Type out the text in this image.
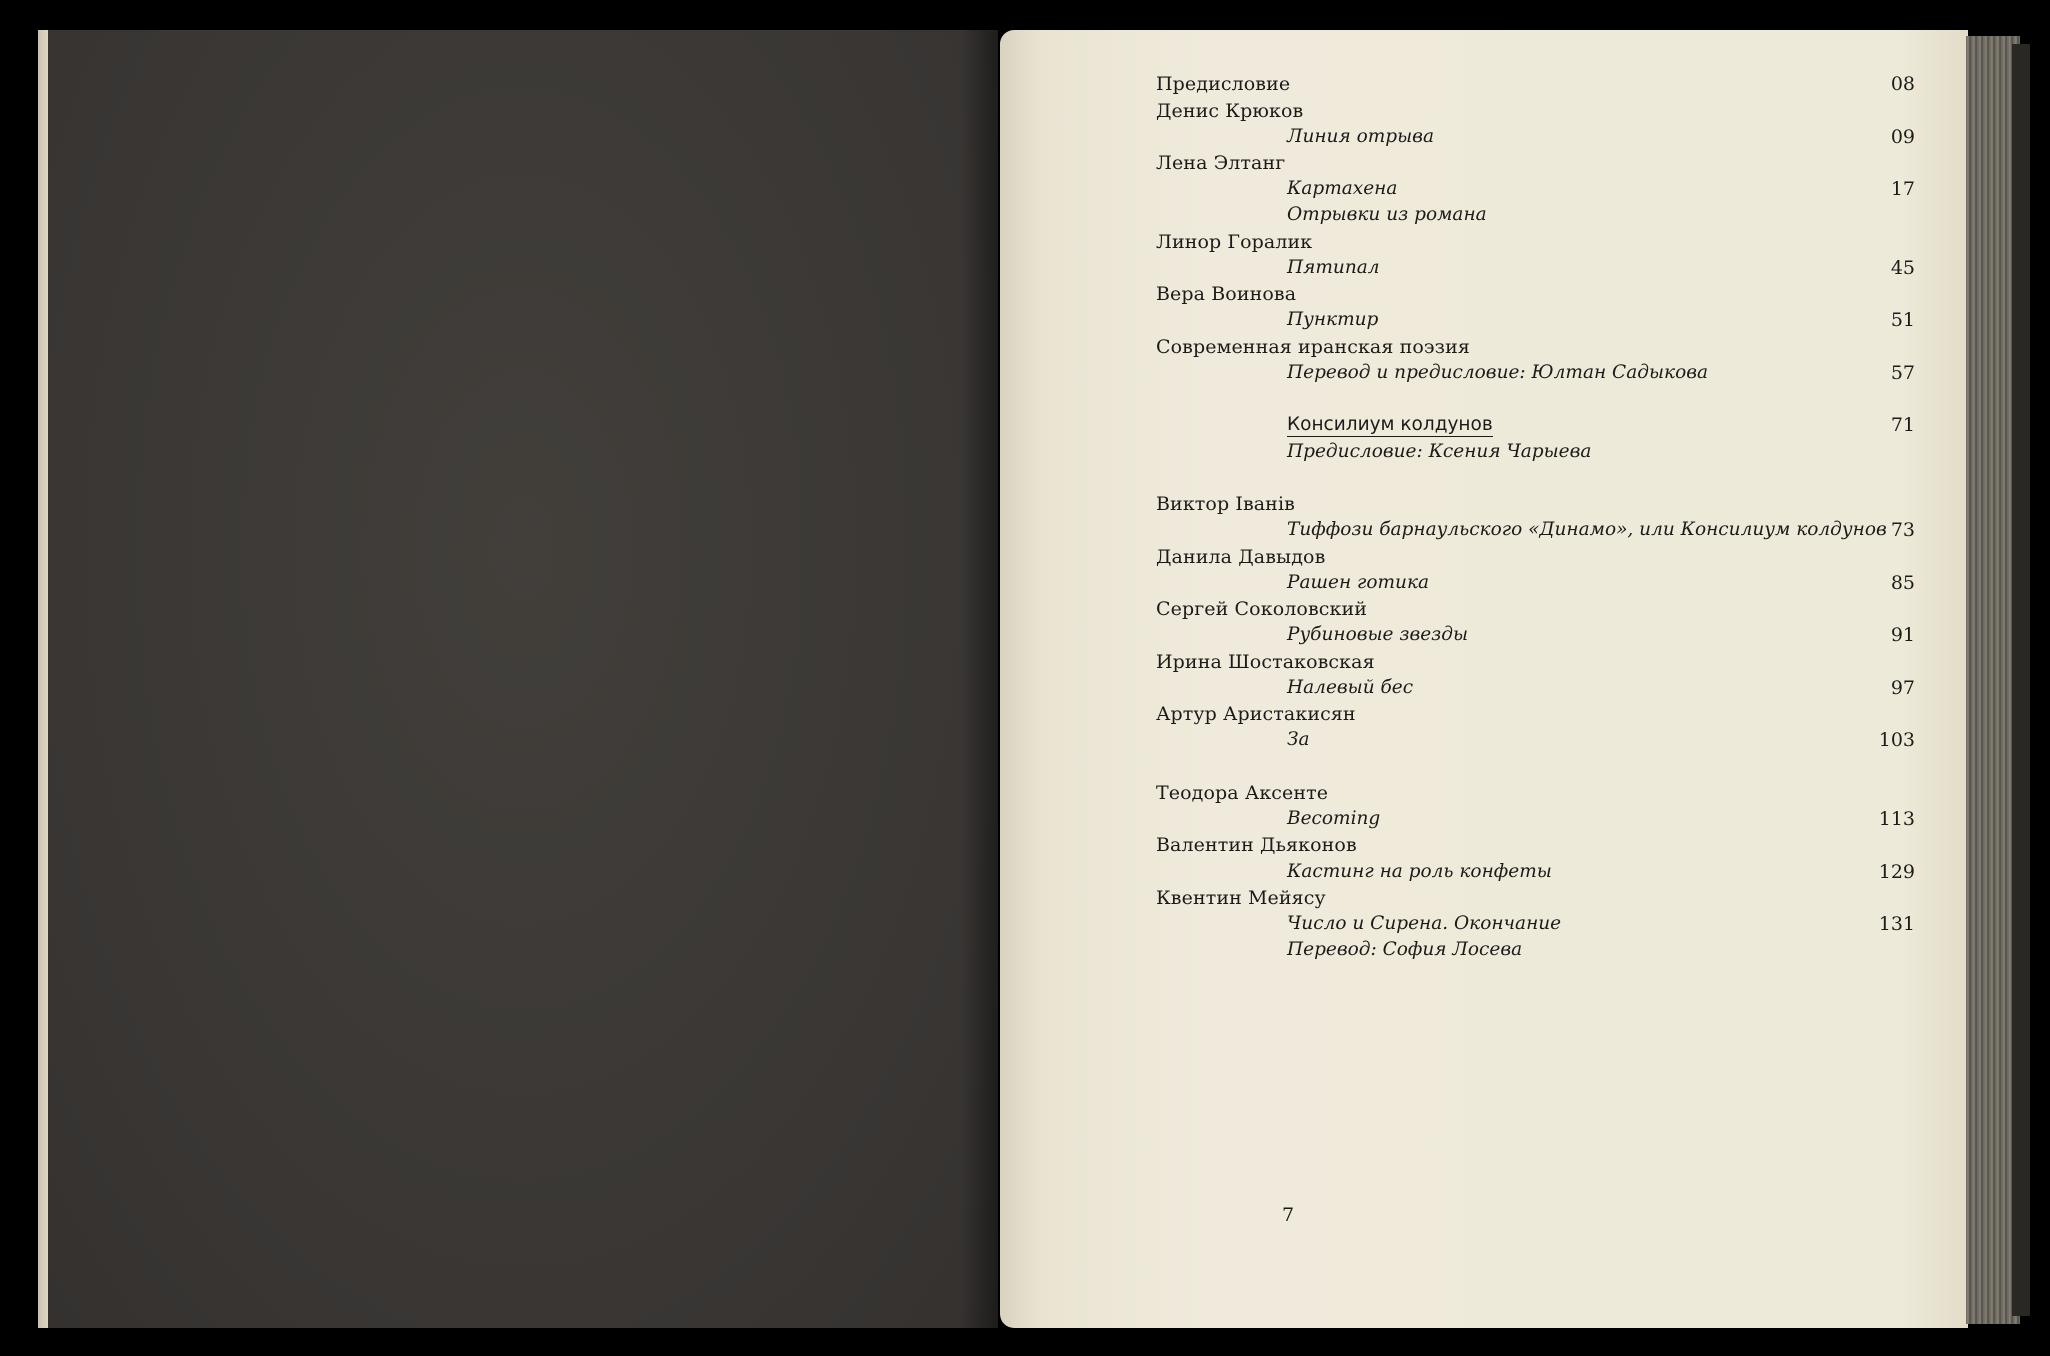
Предисловие	08
Денис Крюков
Линия отрыва	09
Лена Элтанг
Картахена	17
Отрывки из романа
Линор Горалик
Пятипал	45
Вера Воинова
Пунктир	51
Современная иранская поэзия
Перевод и предисловие: Юлтан Садыкова	57
Консилиум колдунов	71
Предисловие: Ксения Чарыева
Виктор Іванів
Тиффози барнаульского «Динамо», или Консилиум колдунов 73
Данила Давыдов
Рашен готика	85
Сергей Соколовский
Рубиновые звезды	91
Ирина Шостаковская
Налевый бес	97
Артур Аристакисян
За	103
Теодора Аксенте
Becoming	113
Валентин Дьяконов
Кастинг на роль конфеты	129
Квентин Мейясу
Число и Сирена. Окончание	131
Перевод: София Лосева
7
